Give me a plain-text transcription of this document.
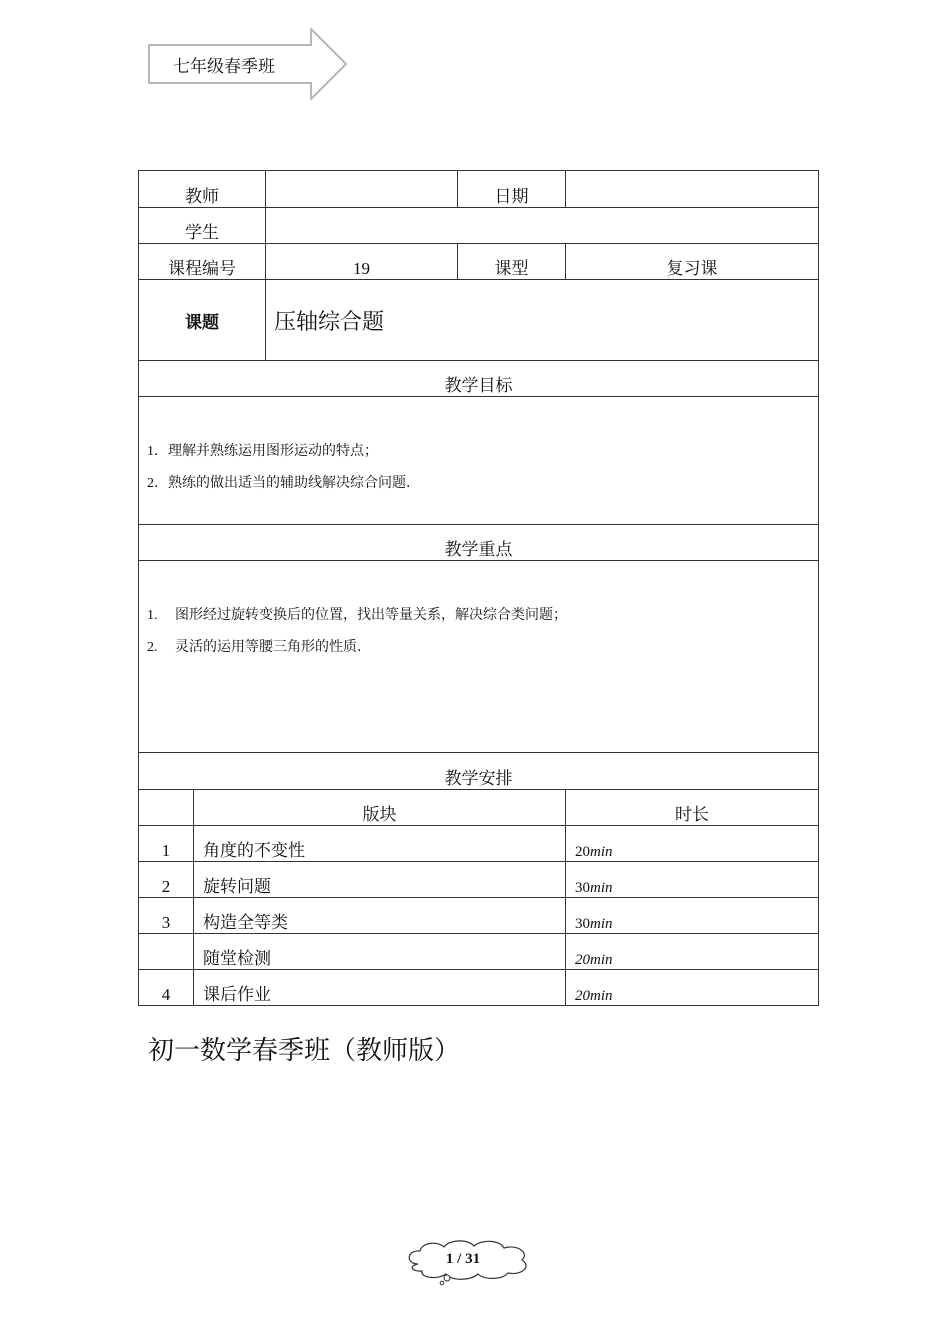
七年级春季班
教师			日期	
学生				
课程编号		19	课型	复习课
课题		压轴综合题		
教学目标				

1．理解并熟练运用图形运动的特点；
2．熟练的做出适当的辅助线解决综合问题.				

教学重点				

1. 图形经过旋转变换后的位置，找出等量关系，解决综合类问题；
2. 灵活的运用等腰三角形的性质.				

教学安排				
	版块			时长
1	角度的不变性			20min
2	旋转问题			30min
3	构造全等类			30min
	随堂检测			20min
4	课后作业			20min
初一数学春季班（教师版）
1 / 31
